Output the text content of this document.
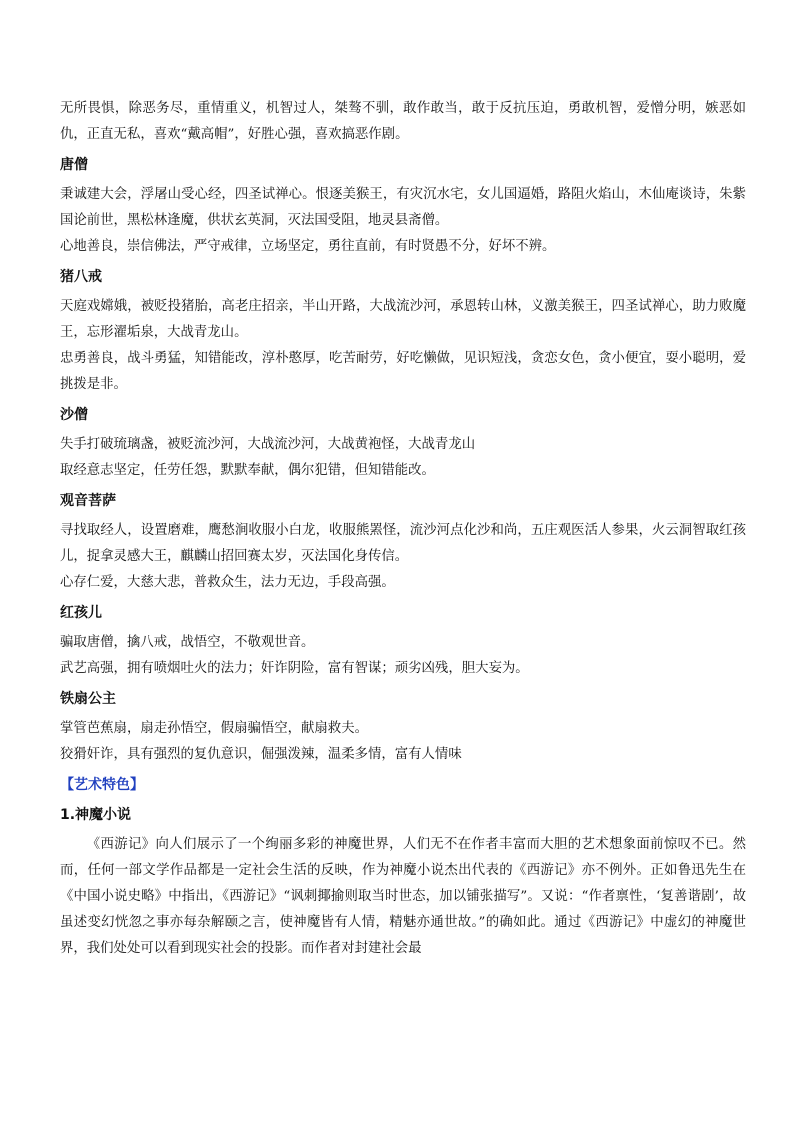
无所畏惧，除恶务尽，重情重义，机智过人，桀骜不驯，敢作敢当，敢于反抗压迫，勇敢机智，爱憎分明，嫉恶如仇，正直无私，喜欢“戴高帽”，好胜心强，喜欢搞恶作剧。

唐僧

秉诚建大会，浮屠山受心经，四圣试禅心。恨逐美猴王，有灾沉水宅，女儿国逼婚，路阻火焰山，木仙庵谈诗，朱紫国论前世，黑松林逢魔，供状玄英洞，灭法国受阻，地灵县斋僧。

心地善良，崇信佛法，严守戒律，立场坚定，勇往直前，有时贤愚不分，好坏不辨。

猪八戒

天庭戏嫦娥，被贬投猪胎，高老庄招亲，半山开路，大战流沙河，承恩转山林，义激美猴王，四圣试禅心，助力败魔王，忘形濯垢泉，大战青龙山。

忠勇善良，战斗勇猛，知错能改，淳朴憨厚，吃苦耐劳，好吃懒做，见识短浅，贪恋女色，贪小便宜，耍小聪明，爱挑拨是非。

沙僧

失手打破琉璃盏，被贬流沙河，大战流沙河，大战黄袍怪，大战青龙山

取经意志坚定，任劳任怨，默默奉献，偶尔犯错，但知错能改。

观音菩萨

寻找取经人，设置磨难，鹰愁涧收服小白龙，收服熊罴怪，流沙河点化沙和尚，五庄观医活人参果，火云洞智取红孩儿，捉拿灵感大王，麒麟山招回赛太岁，灭法国化身传信。

心存仁爱，大慈大悲，普救众生，法力无边，手段高强。

红孩儿

骗取唐僧，擒八戒，战悟空，不敬观世音。

武艺高强，拥有喷烟吐火的法力；奸诈阴险，富有智谋；顽劣凶残，胆大妄为。

铁扇公主

掌管芭蕉扇，扇走孙悟空，假扇骗悟空，献扇救夫。

狡猾奸诈，具有强烈的复仇意识，倔强泼辣，温柔多情，富有人情味

【艺术特色】
1.神魔小说

《西游记》向人们展示了一个绚丽多彩的神魔世界，人们无不在作者丰富而大胆的艺术想象面前惊叹不已。然而，任何一部文学作品都是一定社会生活的反映，作为神魔小说杰出代表的《西游记》亦不例外。正如鲁迅先生在《中国小说史略》中指出，《西游记》“讽刺揶揄则取当时世态，加以铺张描写”。又说：“作者禀性，‘复善谐剧’，故虽述变幻恍忽之事亦每杂解颐之言，使神魔皆有人情，精魅亦通世故。”的确如此。通过《西游记》中虚幻的神魔世界，我们处处可以看到现实社会的投影。而作者对封建社会最
